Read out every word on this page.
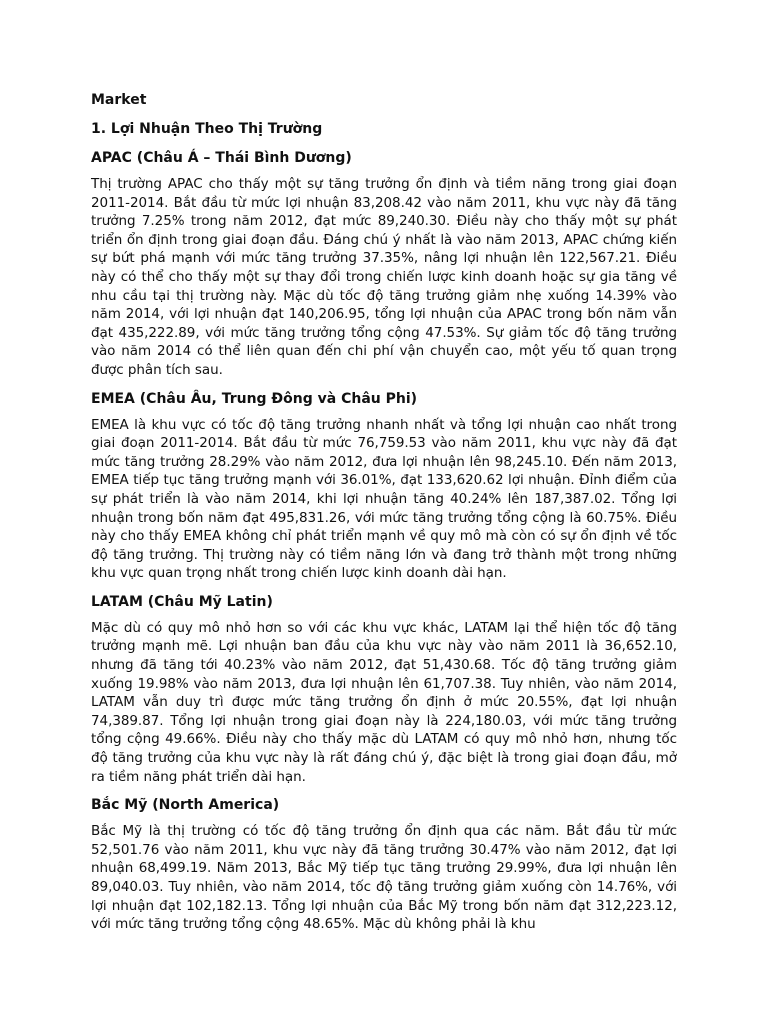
Market
1. Lợi Nhuận Theo Thị Trường
APAC (Châu Á – Thái Bình Dương)
Thị trường APAC cho thấy một sự tăng trưởng ổn định và tiềm năng trong giai đoạn 2011-2014. Bắt đầu từ mức lợi nhuận 83,208.42 vào năm 2011, khu vực này đã tăng trưởng 7.25% trong năm 2012, đạt mức 89,240.30. Điều này cho thấy một sự phát triển ổn định trong giai đoạn đầu. Đáng chú ý nhất là vào năm 2013, APAC chứng kiến sự bứt phá mạnh với mức tăng trưởng 37.35%, nâng lợi nhuận lên 122,567.21. Điều này có thể cho thấy một sự thay đổi trong chiến lược kinh doanh hoặc sự gia tăng về nhu cầu tại thị trường này. Mặc dù tốc độ tăng trưởng giảm nhẹ xuống 14.39% vào năm 2014, với lợi nhuận đạt 140,206.95, tổng lợi nhuận của APAC trong bốn năm vẫn đạt 435,222.89, với mức tăng trưởng tổng cộng 47.53%. Sự giảm tốc độ tăng trưởng vào năm 2014 có thể liên quan đến chi phí vận chuyển cao, một yếu tố quan trọng được phân tích sau.
EMEA (Châu Âu, Trung Đông và Châu Phi)
EMEA là khu vực có tốc độ tăng trưởng nhanh nhất và tổng lợi nhuận cao nhất trong giai đoạn 2011-2014. Bắt đầu từ mức 76,759.53 vào năm 2011, khu vực này đã đạt mức tăng trưởng 28.29% vào năm 2012, đưa lợi nhuận lên 98,245.10. Đến năm 2013, EMEA tiếp tục tăng trưởng mạnh với 36.01%, đạt 133,620.62 lợi nhuận. Đỉnh điểm của sự phát triển là vào năm 2014, khi lợi nhuận tăng 40.24% lên 187,387.02. Tổng lợi nhuận trong bốn năm đạt 495,831.26, với mức tăng trưởng tổng cộng là 60.75%. Điều này cho thấy EMEA không chỉ phát triển mạnh về quy mô mà còn có sự ổn định về tốc độ tăng trưởng. Thị trường này có tiềm năng lớn và đang trở thành một trong những khu vực quan trọng nhất trong chiến lược kinh doanh dài hạn.
LATAM (Châu Mỹ Latin)
Mặc dù có quy mô nhỏ hơn so với các khu vực khác, LATAM lại thể hiện tốc độ tăng trưởng mạnh mẽ. Lợi nhuận ban đầu của khu vực này vào năm 2011 là 36,652.10, nhưng đã tăng tới 40.23% vào năm 2012, đạt 51,430.68. Tốc độ tăng trưởng giảm xuống 19.98% vào năm 2013, đưa lợi nhuận lên 61,707.38. Tuy nhiên, vào năm 2014, LATAM vẫn duy trì được mức tăng trưởng ổn định ở mức 20.55%, đạt lợi nhuận 74,389.87. Tổng lợi nhuận trong giai đoạn này là 224,180.03, với mức tăng trưởng tổng cộng 49.66%. Điều này cho thấy mặc dù LATAM có quy mô nhỏ hơn, nhưng tốc độ tăng trưởng của khu vực này là rất đáng chú ý, đặc biệt là trong giai đoạn đầu, mở ra tiềm năng phát triển dài hạn.
Bắc Mỹ (North America)
Bắc Mỹ là thị trường có tốc độ tăng trưởng ổn định qua các năm. Bắt đầu từ mức 52,501.76 vào năm 2011, khu vực này đã tăng trưởng 30.47% vào năm 2012, đạt lợi nhuận 68,499.19. Năm 2013, Bắc Mỹ tiếp tục tăng trưởng 29.99%, đưa lợi nhuận lên 89,040.03. Tuy nhiên, vào năm 2014, tốc độ tăng trưởng giảm xuống còn 14.76%, với lợi nhuận đạt 102,182.13. Tổng lợi nhuận của Bắc Mỹ trong bốn năm đạt 312,223.12, với mức tăng trưởng tổng cộng 48.65%. Mặc dù không phải là khu
